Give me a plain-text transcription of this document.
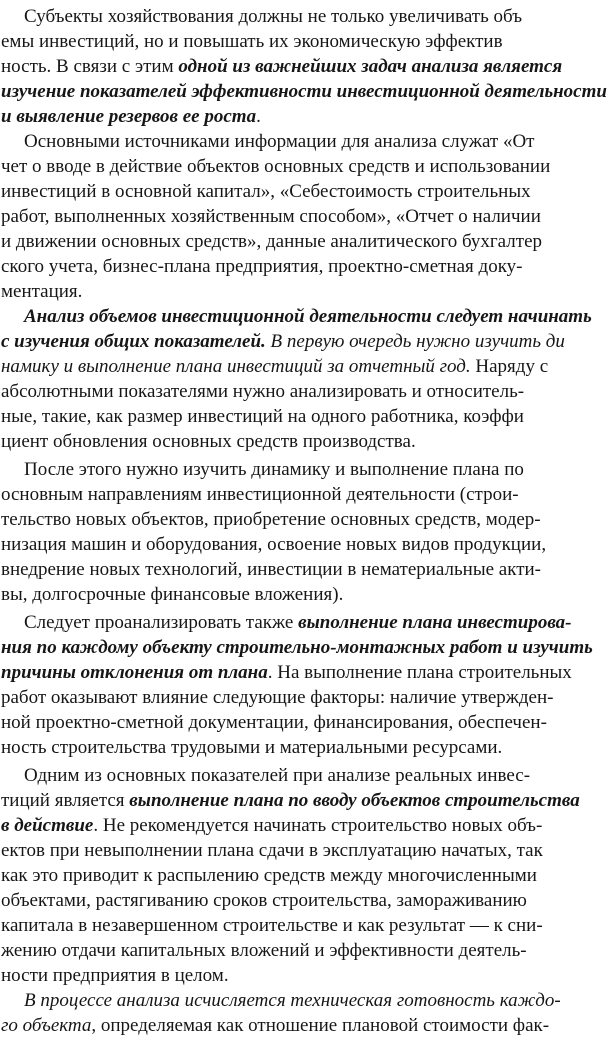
Субъекты хозяйствования должны не только увеличивать объ
емы инвестиций, но и повышать их экономическую эффектив
ность. В связи с этим одной из важнейших задач анализа является
изучение показателей эффективности инвестиционной деятельности
и выявление резервов ее роста.
Основными источниками информации для анализа служат «От
чет о вводе в действие объектов основных средств и использовании
инвестиций в основной капитал», «Себестоимость строительных
работ, выполненных хозяйственным способом», «Отчет о наличии
и движении основных средств», данные аналитического бухгалтер
ского учета, бизнес-плана предприятия, проектно-сметная доку-
ментация.
Анализ объемов инвестиционной деятельности следует начинать
с изучения общих показателей. В первую очередь нужно изучить ди
намику и выполнение плана инвестиций за отчетный год. Наряду с
абсолютными показателями нужно анализировать и относитель-
ные, такие, как размер инвестиций на одного работника, коэффи
циент обновления основных средств производства.
После этого нужно изучить динамику и выполнение плана по
основным направлениям инвестиционной деятельности (строи-
тельство новых объектов, приобретение основных средств, модер-
низация машин и оборудования, освоение новых видов продукции,
внедрение новых технологий, инвестиции в нематериальные акти-
вы, долгосрочные финансовые вложения).
Следует проанализировать также выполнение плана инвестирова-
ния по каждому объекту строительно-монтажных работ и изучить
причины отклонения от плана. На выполнение плана строительных
работ оказывают влияние следующие факторы: наличие утвержден-
ной проектно-сметной документации, финансирования, обеспечен-
ность строительства трудовыми и материальными ресурсами.
Одним из основных показателей при анализе реальных инвес-
тиций является выполнение плана по вводу объектов строительства
в действие. Не рекомендуется начинать строительство новых объ-
ектов при невыполнении плана сдачи в эксплуатацию начатых, так
как это приводит к распылению средств между многочисленными
объектами, растягиванию сроков строительства, замораживанию
капитала в незавершенном строительстве и как результат — к сни-
жению отдачи капитальных вложений и эффективности деятель-
ности предприятия в целом.
В процессе анализа исчисляется техническая готовность каждо-
го объекта, определяемая как отношение плановой стоимости фак-
